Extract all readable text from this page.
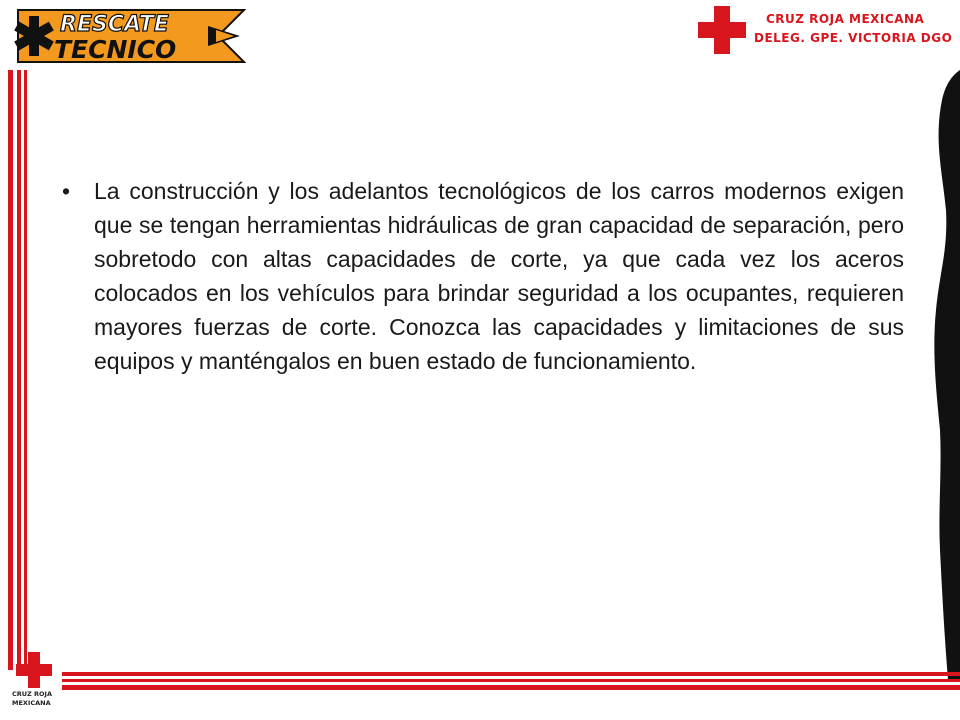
RESCATE
TECNICO
CRUZ ROJA MEXICANA
DELEG. GPE. VICTORIA DGO
CRUZ ROJA
MEXICANA
• La construcción y los adelantos tecnológicos de los carros modernos exigen que se tengan herramientas hidráulicas de gran capacidad de separación, pero sobretodo con altas capacidades de corte, ya que cada vez los aceros colocados en los vehículos para brindar seguridad a los ocupantes, requieren mayores fuerzas de corte. Conozca las capacidades y limitaciones de sus equipos y manténgalos en buen estado de funcionamiento.
